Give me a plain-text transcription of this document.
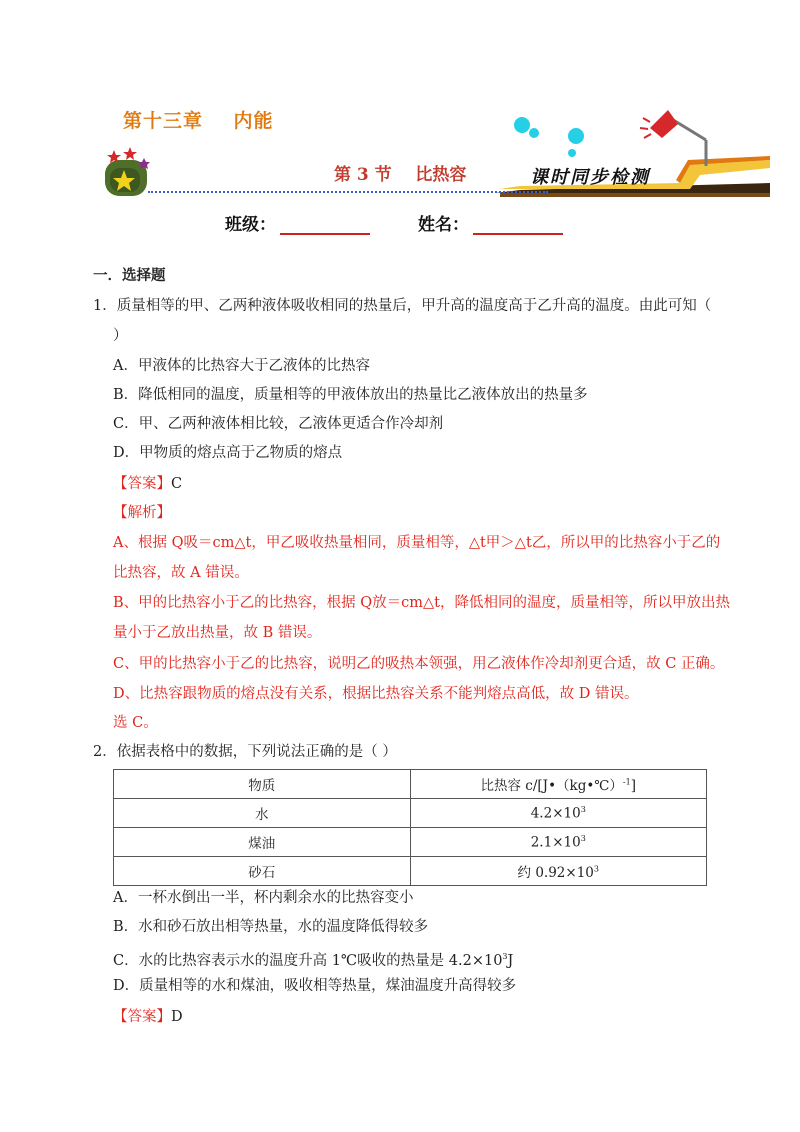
第十三章    内能
第 3 节    比热容	课时同步检测
班级：	姓名：
一．选择题
1．质量相等的甲、乙两种液体吸收相同的热量后，甲升高的温度高于乙升高的温度。由此可知（
）
A．甲液体的比热容大于乙液体的比热容
B．降低相同的温度，质量相等的甲液体放出的热量比乙液体放出的热量多
C．甲、乙两种液体相比较，乙液体更适合作冷却剂
D．甲物质的熔点高于乙物质的熔点
【答案】C
【解析】
A、根据 Q吸＝cm△t，甲乙吸收热量相同，质量相等，△t甲＞△t乙，所以甲的比热容小于乙的
比热容，故 A 错误。
B、甲的比热容小于乙的比热容，根据 Q放＝cm△t，降低相同的温度，质量相等，所以甲放出热
量小于乙放出热量，故 B 错误。
C、甲的比热容小于乙的比热容，说明乙的吸热本领强，用乙液体作冷却剂更合适，故 C 正确。
D、比热容跟物质的熔点没有关系，根据比热容关系不能判熔点高低，故 D 错误。
选 C。
2．依据表格中的数据，下列说法正确的是（ ）
物质	比热容 c/[J•（kg•℃）$^{-1}$]
水	$4.2\times 10^3$
煤油	$2.1\times 10^3$
砂石	约 $0.92\times 10^3$
A．一杯水倒出一半，杯内剩余水的比热容变小
B．水和砂石放出相等热量，水的温度降低得较多
C．水的比热容表示水的温度升高 1℃吸收的热量是 $4.2\times 10^3J$
D．质量相等的水和煤油，吸收相等热量，煤油温度升高得较多
【答案】D
